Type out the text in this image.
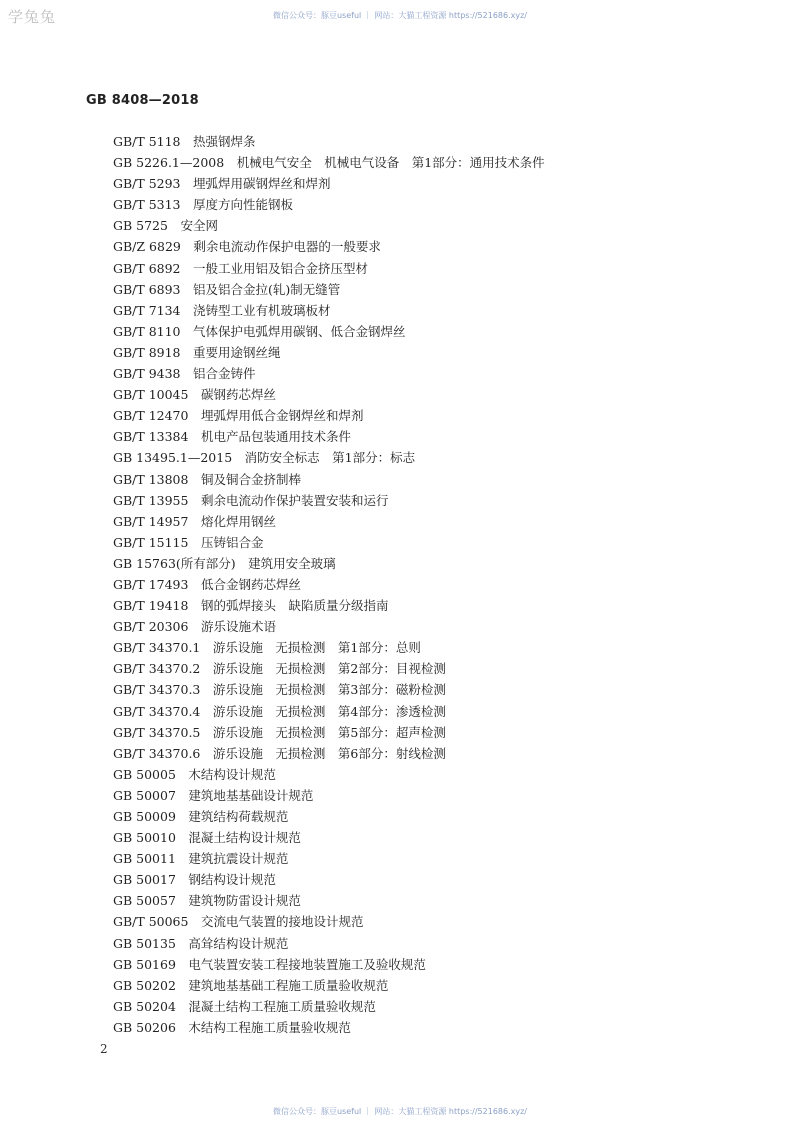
学兔兔	微信公众号：豚豆useful ｜ 网站：大猫工程资源 https://521686.xyz/
GB 8408—2018
GB/T 5118　热强钢焊条
GB 5226.1—2008　机械电气安全　机械电气设备　第1部分：通用技术条件
GB/T 5293　埋弧焊用碳钢焊丝和焊剂
GB/T 5313　厚度方向性能钢板
GB 5725　安全网
GB/Z 6829　剩余电流动作保护电器的一般要求
GB/T 6892　一般工业用铝及铝合金挤压型材
GB/T 6893　铝及铝合金拉(轧)制无缝管
GB/T 7134　浇铸型工业有机玻璃板材
GB/T 8110　气体保护电弧焊用碳钢、低合金钢焊丝
GB/T 8918　重要用途钢丝绳
GB/T 9438　铝合金铸件
GB/T 10045　碳钢药芯焊丝
GB/T 12470　埋弧焊用低合金钢焊丝和焊剂
GB/T 13384　机电产品包装通用技术条件
GB 13495.1—2015　消防安全标志　第1部分：标志
GB/T 13808　铜及铜合金挤制棒
GB/T 13955　剩余电流动作保护装置安装和运行
GB/T 14957　熔化焊用钢丝
GB/T 15115　压铸铝合金
GB 15763(所有部分)　建筑用安全玻璃
GB/T 17493　低合金钢药芯焊丝
GB/T 19418　钢的弧焊接头　缺陷质量分级指南
GB/T 20306　游乐设施术语
GB/T 34370.1　游乐设施　无损检测　第1部分：总则
GB/T 34370.2　游乐设施　无损检测　第2部分：目视检测
GB/T 34370.3　游乐设施　无损检测　第3部分：磁粉检测
GB/T 34370.4　游乐设施　无损检测　第4部分：渗透检测
GB/T 34370.5　游乐设施　无损检测　第5部分：超声检测
GB/T 34370.6　游乐设施　无损检测　第6部分：射线检测
GB 50005　木结构设计规范
GB 50007　建筑地基基础设计规范
GB 50009　建筑结构荷载规范
GB 50010　混凝土结构设计规范
GB 50011　建筑抗震设计规范
GB 50017　钢结构设计规范
GB 50057　建筑物防雷设计规范
GB/T 50065　交流电气装置的接地设计规范
GB 50135　高耸结构设计规范
GB 50169　电气装置安装工程接地装置施工及验收规范
GB 50202　建筑地基基础工程施工质量验收规范
GB 50204　混凝土结构工程施工质量验收规范
GB 50206　木结构工程施工质量验收规范
2
微信公众号：豚豆useful ｜ 网站：大猫工程资源 https://521686.xyz/
